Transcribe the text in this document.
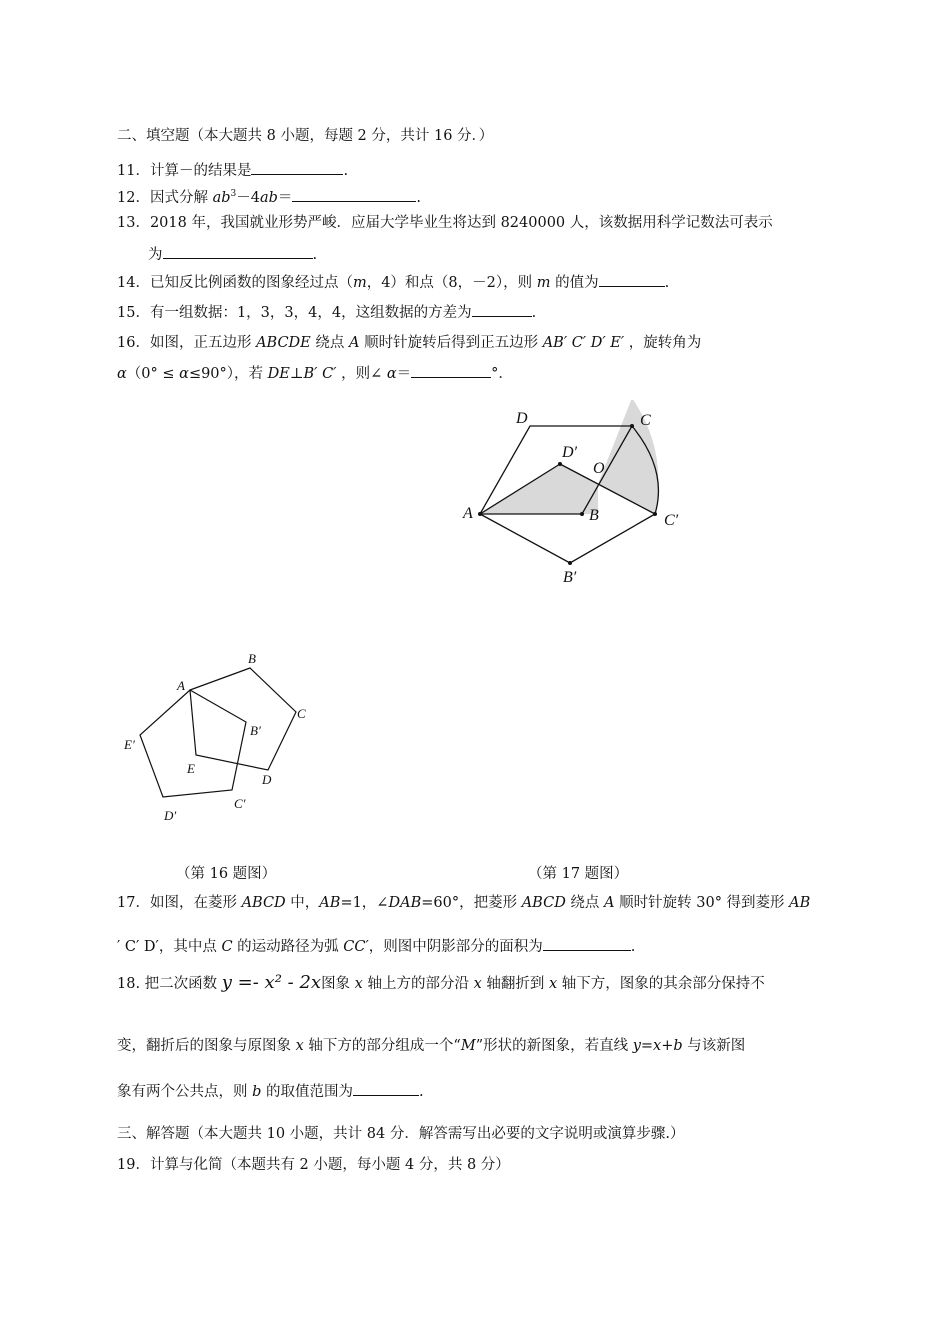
二、填空题（本大题共 8 小题，每题 2 分，共计 16 分．）
11．计算－的结果是	.
12．因式分解 $ab^3-4ab=$	.
13．2018 年，我国就业形势严峻．应届大学毕业生将达到 8240000 人，该数据用科学记数法可表示
为	.
14．已知反比例函数的图象经过点（m，4）和点（8，－2），则 m 的值为	.
15．有一组数据：1，3，3，4，4，这组数据的方差为	.
16．如图，正五边形 ABCDE 绕点 A 顺时针旋转后得到正五边形 AB′ C′ D′ E′ ，旋转角为
α（0° ≤ α≤90°），若 DE⊥B′ C′ ，则∠ α＝	°．
D	C
D′
O
A	B	C′
B′
B
A
C
E′
B′
E
D
C′
D′
（第 16 题图）	（第 17 题图）
17．如图，在菱形 ABCD 中，AB=1，∠DAB=60°，把菱形 ABCD 绕点 A 顺时针旋转 30° 得到菱形 AB
′ C′ D′，其中点 C 的运动路径为弧 CC′，则图中阴影部分的面积为	.
18. 把二次函数 y =- x² - 2x图象 x 轴上方的部分沿 x 轴翻折到 x 轴下方，图象的其余部分保持不
变，翻折后的图象与原图象 x 轴下方的部分组成一个“M”形状的新图象，若直线 y=x+b 与该新图
象有两个公共点，则 b 的取值范围为	.
三、解答题（本大题共 10 小题，共计 84 分．解答需写出必要的文字说明或演算步骤.）
19．计算与化简（本题共有 2 小题，每小题 4 分，共 8 分）
